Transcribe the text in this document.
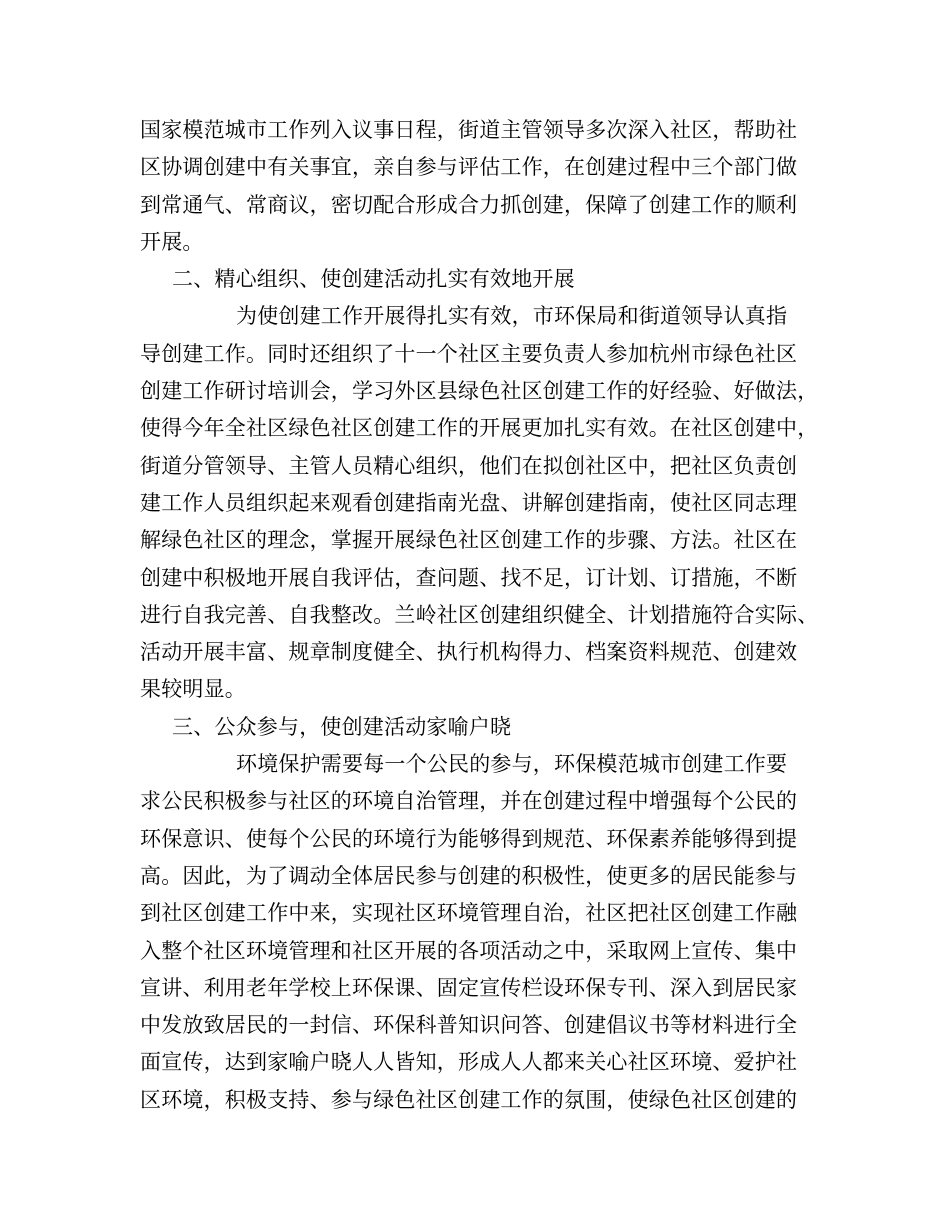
国家模范城市工作列入议事日程，街道主管领导多次深入社区，帮助社
区协调创建中有关事宜，亲自参与评估工作，在创建过程中三个部门做
到常通气、常商议，密切配合形成合力抓创建，保障了创建工作的顺利
开展。
二、精心组织、使创建活动扎实有效地开展
为使创建工作开展得扎实有效，市环保局和街道领导认真指
导创建工作。同时还组织了十一个社区主要负责人参加杭州市绿色社区
创建工作研讨培训会，学习外区县绿色社区创建工作的好经验、好做法，
使得今年全社区绿色社区创建工作的开展更加扎实有效。在社区创建中，
街道分管领导、主管人员精心组织，他们在拟创社区中，把社区负责创
建工作人员组织起来观看创建指南光盘、讲解创建指南，使社区同志理
解绿色社区的理念，掌握开展绿色社区创建工作的步骤、方法。社区在
创建中积极地开展自我评估，查问题、找不足，订计划、订措施，不断
进行自我完善、自我整改。兰岭社区创建组织健全、计划措施符合实际、
活动开展丰富、规章制度健全、执行机构得力、档案资料规范、创建效
果较明显。
三、公众参与，使创建活动家喻户晓
环境保护需要每一个公民的参与，环保模范城市创建工作要
求公民积极参与社区的环境自治管理，并在创建过程中增强每个公民的
环保意识、使每个公民的环境行为能够得到规范、环保素养能够得到提
高。因此，为了调动全体居民参与创建的积极性，使更多的居民能参与
到社区创建工作中来，实现社区环境管理自治，社区把社区创建工作融
入整个社区环境管理和社区开展的各项活动之中，采取网上宣传、集中
宣讲、利用老年学校上环保课、固定宣传栏设环保专刊、深入到居民家
中发放致居民的一封信、环保科普知识问答、创建倡议书等材料进行全
面宣传，达到家喻户晓人人皆知，形成人人都来关心社区环境、爱护社
区环境，积极支持、参与绿色社区创建工作的氛围，使绿色社区创建的
